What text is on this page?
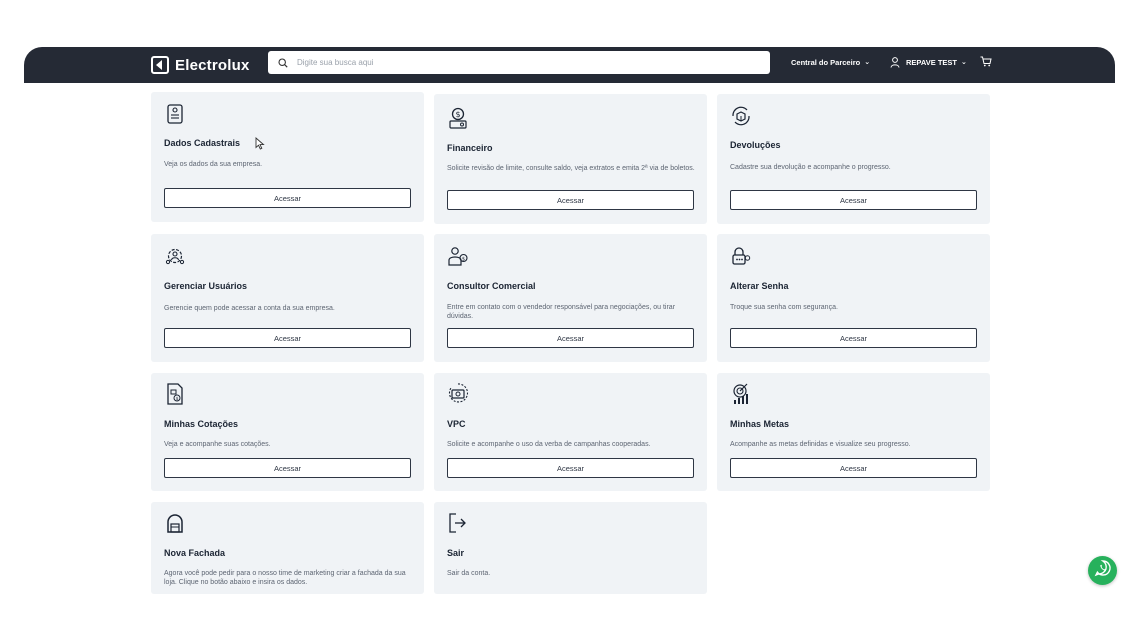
Electrolux
Digite sua busca aqui	Central do Parceiro ⌄	REPAVE TEST ⌄
Dados Cadastrais
Veja os dados da sua empresa.
Acessar
$
Financeiro
Solicite revisão de limite, consulte saldo, veja extratos e emita 2ª via de boletos.
Acessar
Devoluções
Cadastre sua devolução e acompanhe o progresso.
Acessar
Gerenciar Usuários
Gerencie quem pode acessar a conta da sua empresa.
Acessar
$
Consultor Comercial
Entre em contato com o vendedor responsável para negociações, ou tirar dúvidas.
Acessar
Alterar Senha
Troque sua senha com segurança.
Acessar
$
Minhas Cotações
Veja e acompanhe suas cotações.
Acessar
VPC
Solicite e acompanhe o uso da verba de campanhas cooperadas.
Acessar
Minhas Metas
Acompanhe as metas definidas e visualize seu progresso.
Acessar
Nova Fachada
Agora você pode pedir para o nosso time de marketing criar a fachada da sua loja. Clique no botão abaixo e insira os dados.
Sair
Sair da conta.
